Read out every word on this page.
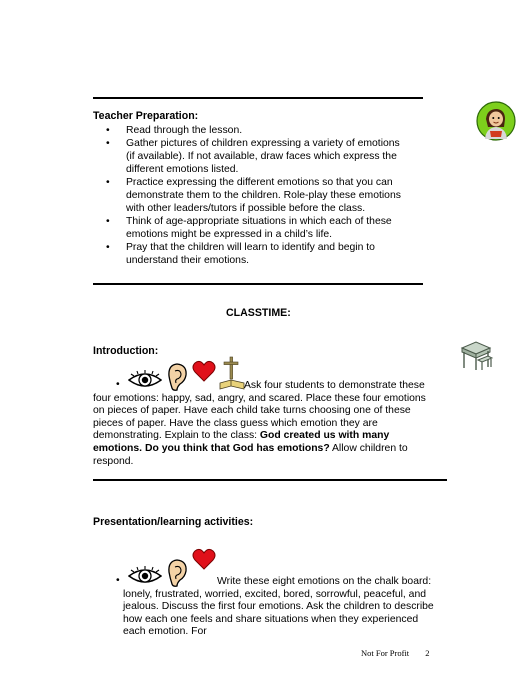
Teacher Preparation:
• Read through the lesson.
• Gather pictures of children expressing a variety of emotions (if available). If not available, draw faces which express the different emotions listed.
• Practice expressing the different emotions so that you can demonstrate them to the children. Role-play these emotions with other leaders/tutors if possible before the class.
• Think of age-appropriate situations in which each of these emotions might be expressed in a child’s life.
• Pray that the children will learn to identify and begin to understand their emotions.
CLASSTIME:
Introduction:
•	Ask four students to demonstrate these four emotions: happy, sad, angry, and scared. Place these four emotions on pieces of paper. Have each child take turns choosing one of these pieces of paper. Have the class guess which emotion they are demonstrating. Explain to the class: God created us with many emotions. Do you think that God has emotions? Allow children to respond.
Presentation/learning activities:
•	Write these eight emotions on the chalk board: lonely, frustrated, worried, excited, bored, sorrowful, peaceful, and jealous. Discuss the first four emotions. Ask the children to describe how each one feels and share situations when they experienced each emotion. For
Not For Profit 2
